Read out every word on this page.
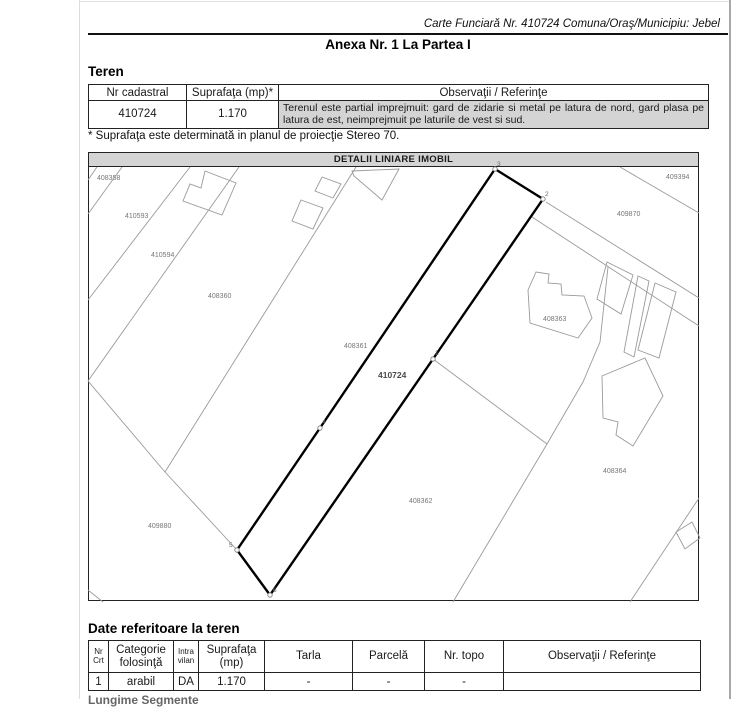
Carte Funciară Nr. 410724 Comuna/Oraş/Municipiu: Jebel
Anexa Nr. 1 La Partea I
Teren
Nr cadastral	Suprafaţa (mp)*	Observaţii / Referinţe
410724	1.170	Terenul este partial imprejmuit: gard de zidarie si metal pe latura de nord, gard plasa pe latura de est, neimprejmuit pe laturile de vest si sud.
* Suprafaţa este determinată in planul de proiecţie Stereo 70.
DETALII LINIARE IMOBIL	3
2
1
4
5
6
408358
410593
410594
408360
408361
410724
409394
409870
408363
408362
408364
409880
Date referitoare la teren
Nr Crt	Categorie folosinţă	Intra vilan	Suprafaţa (mp)	Tarla	Parcelă	Nr. topo	Observaţii / Referinţe
1	arabil	DA	1.170	-	-	-	
Lungime Segmente
